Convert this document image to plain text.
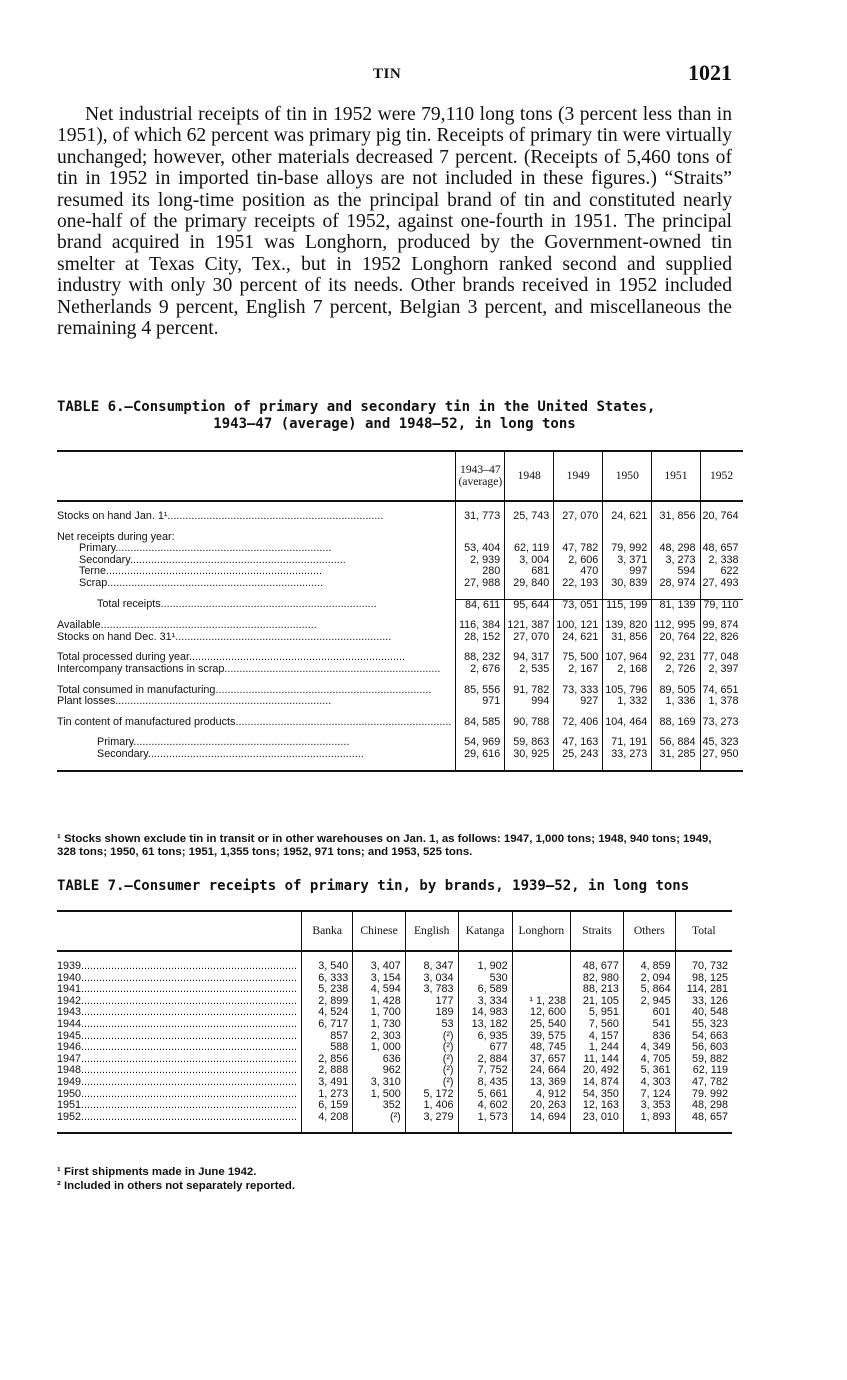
TIN	1021

Net industrial receipts of tin in 1952 were 79,110 long tons (3 percent less than in 1951), of which 62 percent was primary pig tin. Receipts of primary tin were virtually unchanged; however, other materials decreased 7 percent. (Receipts of 5,460 tons of tin in 1952 in imported tin-base alloys are not included in these figures.) “Straits” resumed its long-time position as the principal brand of tin and constituted nearly one-half of the primary receipts of 1952, against one-fourth in 1951. The principal brand acquired in 1951 was Longhorn, produced by the Government-owned tin smelter at Texas City, Tex., but in 1952 Longhorn ranked second and supplied industry with only 30 percent of its needs. Other brands received in 1952 included Netherlands 9 percent, English 7 percent, Belgian 3 percent, and miscellaneous the remaining 4 percent.

TABLE 6.—Consumption of primary and secondary tin in the United States,
1943–47 (average) and 1948–52, in long tons

	1943–47 (average)	1948	1949	1950	1951	1952

Stocks on hand Jan. 1¹........................................................................	31, 773	25, 743	27, 070	24, 621	31, 856	20, 764

Net receipts during year:						
Primary........................................................................	53, 404	62, 119	47, 782	79, 992	48, 298	48, 657
Secondary........................................................................	2, 939	3, 004	2, 606	3, 371	3, 273	2, 338
Terne........................................................................	280	681	470	997	594	622
Scrap........................................................................	27, 988	29, 840	22, 193	30, 839	28, 974	27, 493

Total receipts........................................................................	84, 611	95, 644	73, 051	115, 199	81, 139	79, 110

Available........................................................................	116, 384	121, 387	100, 121	139, 820	112, 995	99, 874
Stocks on hand Dec. 31¹........................................................................	28, 152	27, 070	24, 621	31, 856	20, 764	22, 826

Total processed during year........................................................................	88, 232	94, 317	75, 500	107, 964	92, 231	77, 048
Intercompany transactions in scrap........................................................................	2, 676	2, 535	2, 167	2, 168	2, 726	2, 397

Total consumed in manufacturing........................................................................	85, 556	91, 782	73, 333	105, 796	89, 505	74, 651
Plant losses........................................................................	971	994	927	1, 332	1, 336	1, 378

Tin content of manufactured products........................................................................	84, 585	90, 788	72, 406	104, 464	88, 169	73, 273

Primary........................................................................	54, 969	59, 863	47, 163	71, 191	56, 884	45, 323
Secondary........................................................................	29, 616	30, 925	25, 243	33, 273	31, 285	27, 950

¹ Stocks shown exclude tin in transit or in other warehouses on Jan. 1, as follows: 1947, 1,000 tons; 1948, 940 tons; 1949, 328 tons; 1950, 61 tons; 1951, 1,355 tons; 1952, 971 tons; and 1953, 525 tons.

TABLE 7.—Consumer receipts of primary tin, by brands, 1939–52, in long tons

	Banka	Chinese	English	Katanga	Longhorn	Straits	Others	Total

1939........................................................................	3, 540	3, 407	8, 347	1, 902		48, 677	4, 859	70, 732
1940........................................................................	6, 333	3, 154	3, 034	530		82, 980	2, 094	98, 125
1941........................................................................	5, 238	4, 594	3, 783	6, 589		88, 213	5, 864	114, 281
1942........................................................................	2, 899	1, 428	177	3, 334	¹ 1, 238	21, 105	2, 945	33, 126
1943........................................................................	4, 524	1, 700	189	14, 983	12, 600	5, 951	601	40, 548
1944........................................................................	6, 717	1, 730	53	13, 182	25, 540	7, 560	541	55, 323
1945........................................................................	857	2, 303	(²)	6, 935	39, 575	4, 157	836	54, 663
1946........................................................................	588	1, 000	(²)	677	48, 745	1, 244	4, 349	56, 603
1947........................................................................	2, 856	636	(²)	2, 884	37, 657	11, 144	4, 705	59, 882
1948........................................................................	2, 888	962	(²)	7, 752	24, 664	20, 492	5, 361	62, 119
1949........................................................................	3, 491	3, 310	(²)	8, 435	13, 369	14, 874	4, 303	47, 782
1950........................................................................	1, 273	1, 500	5, 172	5, 661	4, 912	54, 350	7, 124	79. 992
1951........................................................................	6, 159	352	1, 406	4, 602	20, 263	12, 163	3, 353	48, 298
1952........................................................................	4, 208	(²)	3, 279	1, 573	14, 694	23, 010	1, 893	48, 657

¹ First shipments made in June 1942.

² Included in others not separately reported.
